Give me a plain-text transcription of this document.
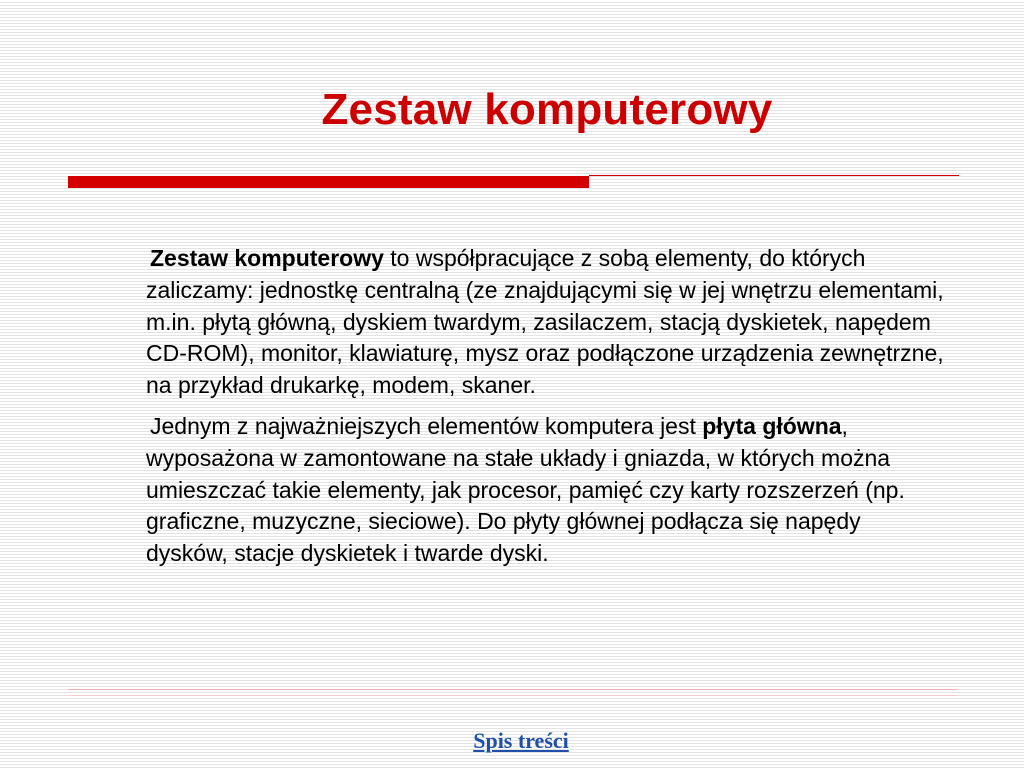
Zestaw komputerowy

Zestaw komputerowy to współpracujące z sobą elementy, do których zaliczamy: jednostkę centralną (ze znajdującymi się w jej wnętrzu elementami, m.in. płytą główną, dyskiem twardym, zasilaczem, stacją dyskietek, napędem CD-ROM), monitor, klawiaturę, mysz oraz podłączone urządzenia zewnętrzne, na przykład drukarkę, modem, skaner.

Jednym z najważniejszych elementów komputera jest płyta główna, wyposażona w zamontowane na stałe układy i gniazda, w których można umieszczać takie elementy, jak procesor, pamięć czy karty rozszerzeń (np. graficzne, muzyczne, sieciowe). Do płyty głównej podłącza się napędy dysków, stacje dyskietek i twarde dyski.

Spis treści
